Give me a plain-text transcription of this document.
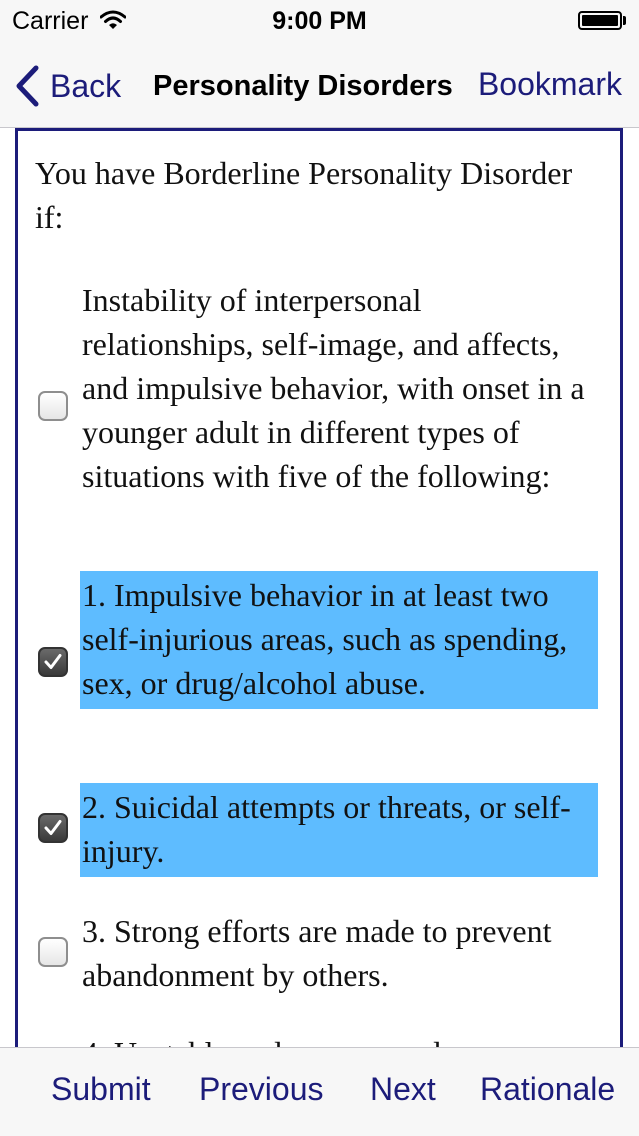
Carrier	9:00 PM
Back Personality Disorders Bookmark
You have Borderline Personality Disorder if:
Instability of interpersonal relationships, self-image, and affects, and impulsive behavior, with onset in a younger adult in different types of situations with five of the following:
1. Impulsive behavior in at least two self-injurious areas, such as spending, sex, or drug/alcohol abuse.
2. Suicidal attempts or threats, or self-injury.
3. Strong efforts are made to prevent abandonment by others.
Submit Previous Next Rationale
